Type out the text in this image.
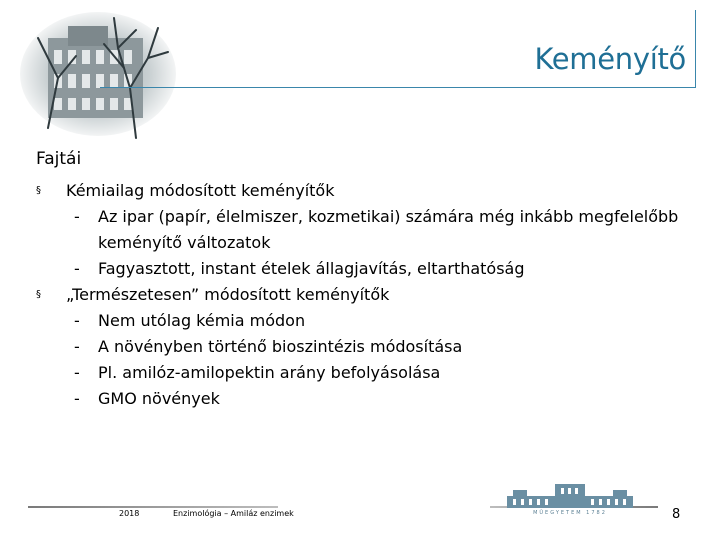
Keményítő
Fajtái
§ Kémiailag módosított keményítők
- Az ipar (papír, élelmiszer, kozmetikai) számára még inkább megfelelőbb
keményítő változatok
- Fagyasztott, instant ételek állagjavítás, eltarthatóság
§ „Természetesen” módosított keményítők
- Nem utólag kémia módon
- A növényben történő bioszintézis módosítása
- Pl. amilóz-amilopektin arány befolyásolása
- GMO növények
2018	Enzimológia – Amiláz enzimek	MŰEGYETEM 1782	8
